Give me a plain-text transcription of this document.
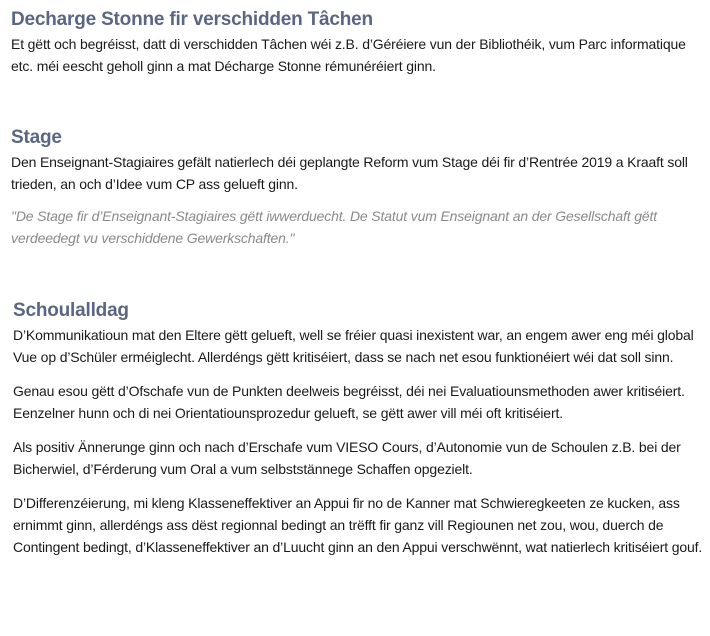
Decharge Stonne fir verschidden Tâchen

Et gëtt och begréisst, datt di verschidden Tâchen wéi z.B. d’Géréiere vun der Bibliothéik, vum Parc informatique etc. méi eescht geholl ginn a mat Décharge Stonne rémunéréiert ginn.

Stage

Den Enseignant-Stagiaires gefält natierlech déi geplangte Reform vum Stage déi fir d’Rentrée 2019 a Kraaft soll trieden, an och d’Idee vum CP ass gelueft ginn.

"De Stage fir d’Enseignant-Stagiaires gëtt iwwerduecht. De Statut vum Enseignant an der Gesellschaft gëtt verdeedegt vu verschiddene Gewerkschaften."

Schoulalldag

D’Kommunikatioun mat den Eltere gëtt gelueft, well se fréier quasi inexistent war, an engem awer eng méi global Vue op d’Schüler erméiglecht. Allerdéngs gëtt kritiséiert, dass se nach net esou funktionéiert wéi dat soll sinn.

Genau esou gëtt d’Ofschafe vun de Punkten deelweis begréisst, déi nei Evaluatiounsmethoden awer kritiséiert. Eenzelner hunn och di nei Orientatiounsprozedur gelueft, se gëtt awer vill méi oft kritiséiert.

Als positiv Ännerunge ginn och nach d’Erschafe vum VIESO Cours, d’Autonomie vun de Schoulen z.B. bei der Bicherwiel, d’Férderung vum Oral a vum selbststännege Schaffen opgezielt.

D’Differenzéierung, mi kleng Klasseneffektiver an Appui fir no de Kanner mat Schwieregkeeten ze kucken, ass ernimmt ginn, allerdéngs ass dëst regionnal bedingt an trëfft fir ganz vill Regiounen net zou, wou, duerch de Contingent bedingt, d’Klasseneffektiver an d’Luucht ginn an den Appui verschwënnt, wat natierlech kritiséiert gouf.
